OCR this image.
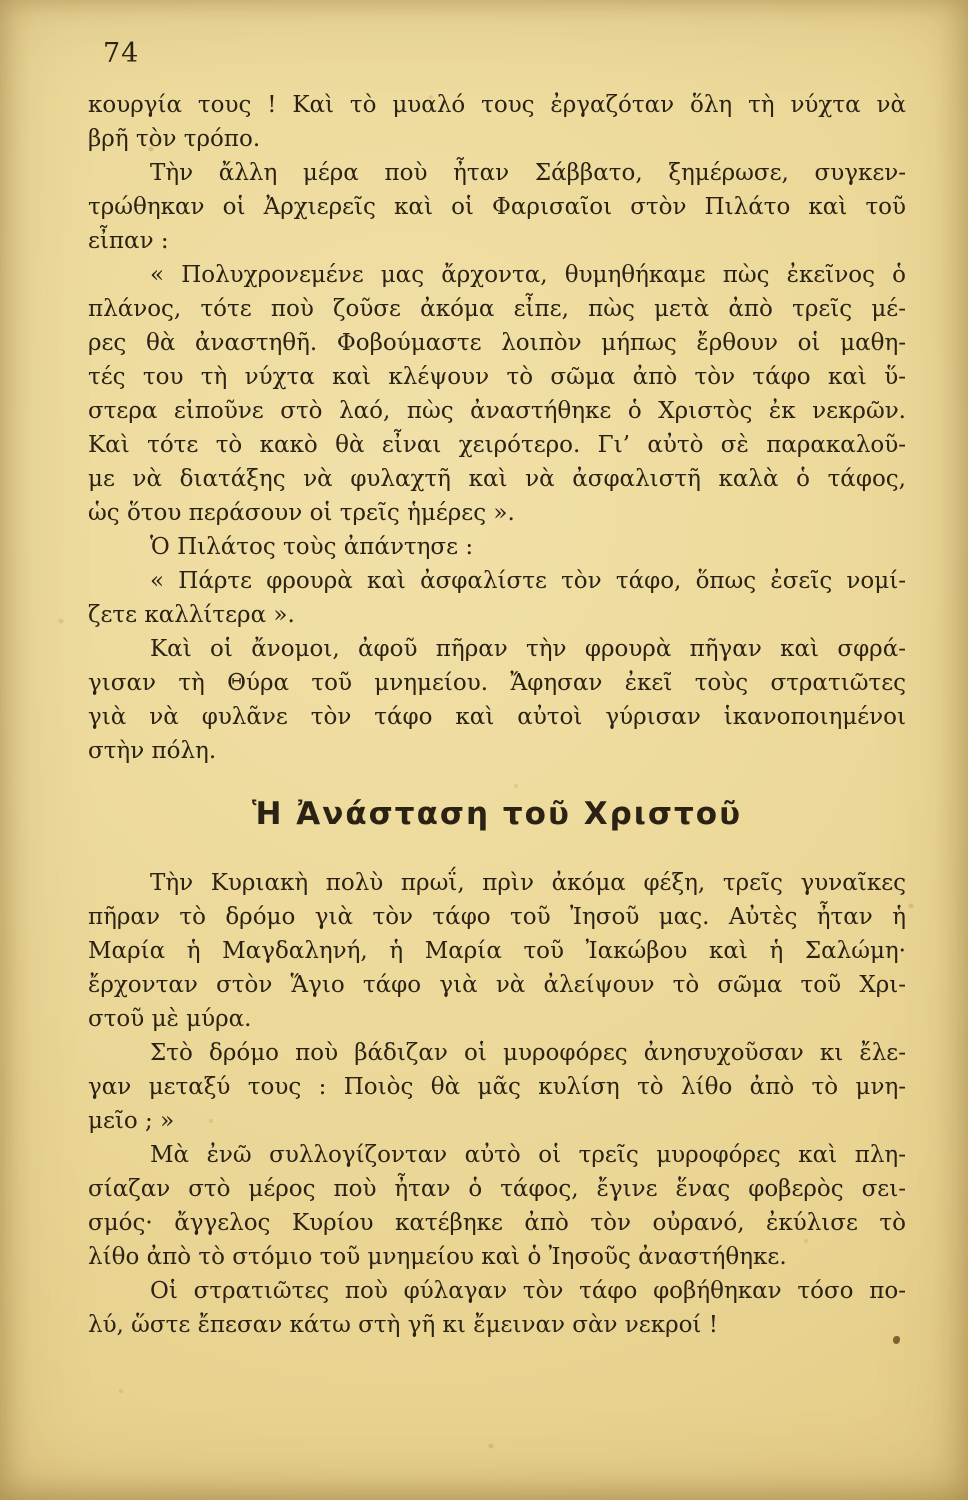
74
κουργία τους ! Καὶ τὸ μυαλό τους ἐργαζόταν ὅλη τὴ νύχτα νὰ
βρῆ τὸν τρόπο.
Τὴν ἄλλη μέρα ποὺ ἦταν Σάββατο, ξημέρωσε, συγκεν-
τρώθηκαν οἱ Ἀρχιερεῖς καὶ οἱ Φαρισαῖοι στὸν Πιλάτο καὶ τοῦ
εἶπαν :
« Πολυχρονεμένε μας ἄρχοντα, θυμηθήκαμε πὼς ἐκεῖνος ὁ
πλάνος, τότε ποὺ ζοῦσε ἀκόμα εἶπε, πὼς μετὰ ἀπὸ τρεῖς μέ-
ρες θὰ ἀναστηθῆ. Φοβούμαστε λοιπὸν μήπως ἔρθουν οἱ μαθη-
τές του τὴ νύχτα καὶ κλέψουν τὸ σῶμα ἀπὸ τὸν τάφο καὶ ὕ-
στερα εἰποῦνε στὸ λαό, πὼς ἀναστήθηκε ὁ Χριστὸς ἐκ νεκρῶν.
Καὶ τότε τὸ κακὸ θὰ εἶναι χειρότερο. Γι’ αὐτὸ σὲ παρακαλοῦ-
με νὰ διατάξης νὰ φυλαχτῆ καὶ νὰ ἀσφαλιστῆ καλὰ ὁ τάφος,
ὡς ὅτου περάσουν οἱ τρεῖς ἡμέρες ».
Ὁ Πιλάτος τοὺς ἀπάντησε :
« Πάρτε φρουρὰ καὶ ἀσφαλίστε τὸν τάφο, ὅπως ἐσεῖς νομί-
ζετε καλλίτερα ».
Καὶ οἱ ἄνομοι, ἀφοῦ πῆραν τὴν φρουρὰ πῆγαν καὶ σφρά-
γισαν τὴ Θύρα τοῦ μνημείου. Ἄφησαν ἐκεῖ τοὺς στρατιῶτες
γιὰ νὰ φυλᾶνε τὸν τάφο καὶ αὐτοὶ γύρισαν ἱκανοποιημένοι
στὴν πόλη.
Ἡ Ἀνάσταση τοῦ Χριστοῦ
Τὴν Κυριακὴ πολὺ πρωΐ, πρὶν ἀκόμα φέξη, τρεῖς γυναῖκες
πῆραν τὸ δρόμο γιὰ τὸν τάφο τοῦ Ἰησοῦ μας. Αὐτὲς ἦταν ἡ
Μαρία ἡ Μαγδαληνή, ἡ Μαρία τοῦ Ἰακώβου καὶ ἡ Σαλώμη·
ἔρχονταν στὸν Ἅγιο τάφο γιὰ νὰ ἀλείψουν τὸ σῶμα τοῦ Χρι-
στοῦ μὲ μύρα.
Στὸ δρόμο ποὺ βάδιζαν οἱ μυροφόρες ἀνησυχοῦσαν κι ἔλε-
γαν μεταξύ τους : Ποιὸς θὰ μᾶς κυλίση τὸ λίθο ἀπὸ τὸ μνη-
μεῖο ; »
Μὰ ἐνῶ συλλογίζονταν αὐτὸ οἱ τρεῖς μυροφόρες καὶ πλη-
σίαζαν στὸ μέρος ποὺ ἦταν ὁ τάφος, ἔγινε ἕνας φοβερὸς σει-
σμός· ἄγγελος Κυρίου κατέβηκε ἀπὸ τὸν οὐρανό, ἐκύλισε τὸ
λίθο ἀπὸ τὸ στόμιο τοῦ μνημείου καὶ ὁ Ἰησοῦς ἀναστήθηκε.
Οἱ στρατιῶτες ποὺ φύλαγαν τὸν τάφο φοβήθηκαν τόσο πο-
λύ, ὥστε ἔπεσαν κάτω στὴ γῆ κι ἔμειναν σὰν νεκροί !
